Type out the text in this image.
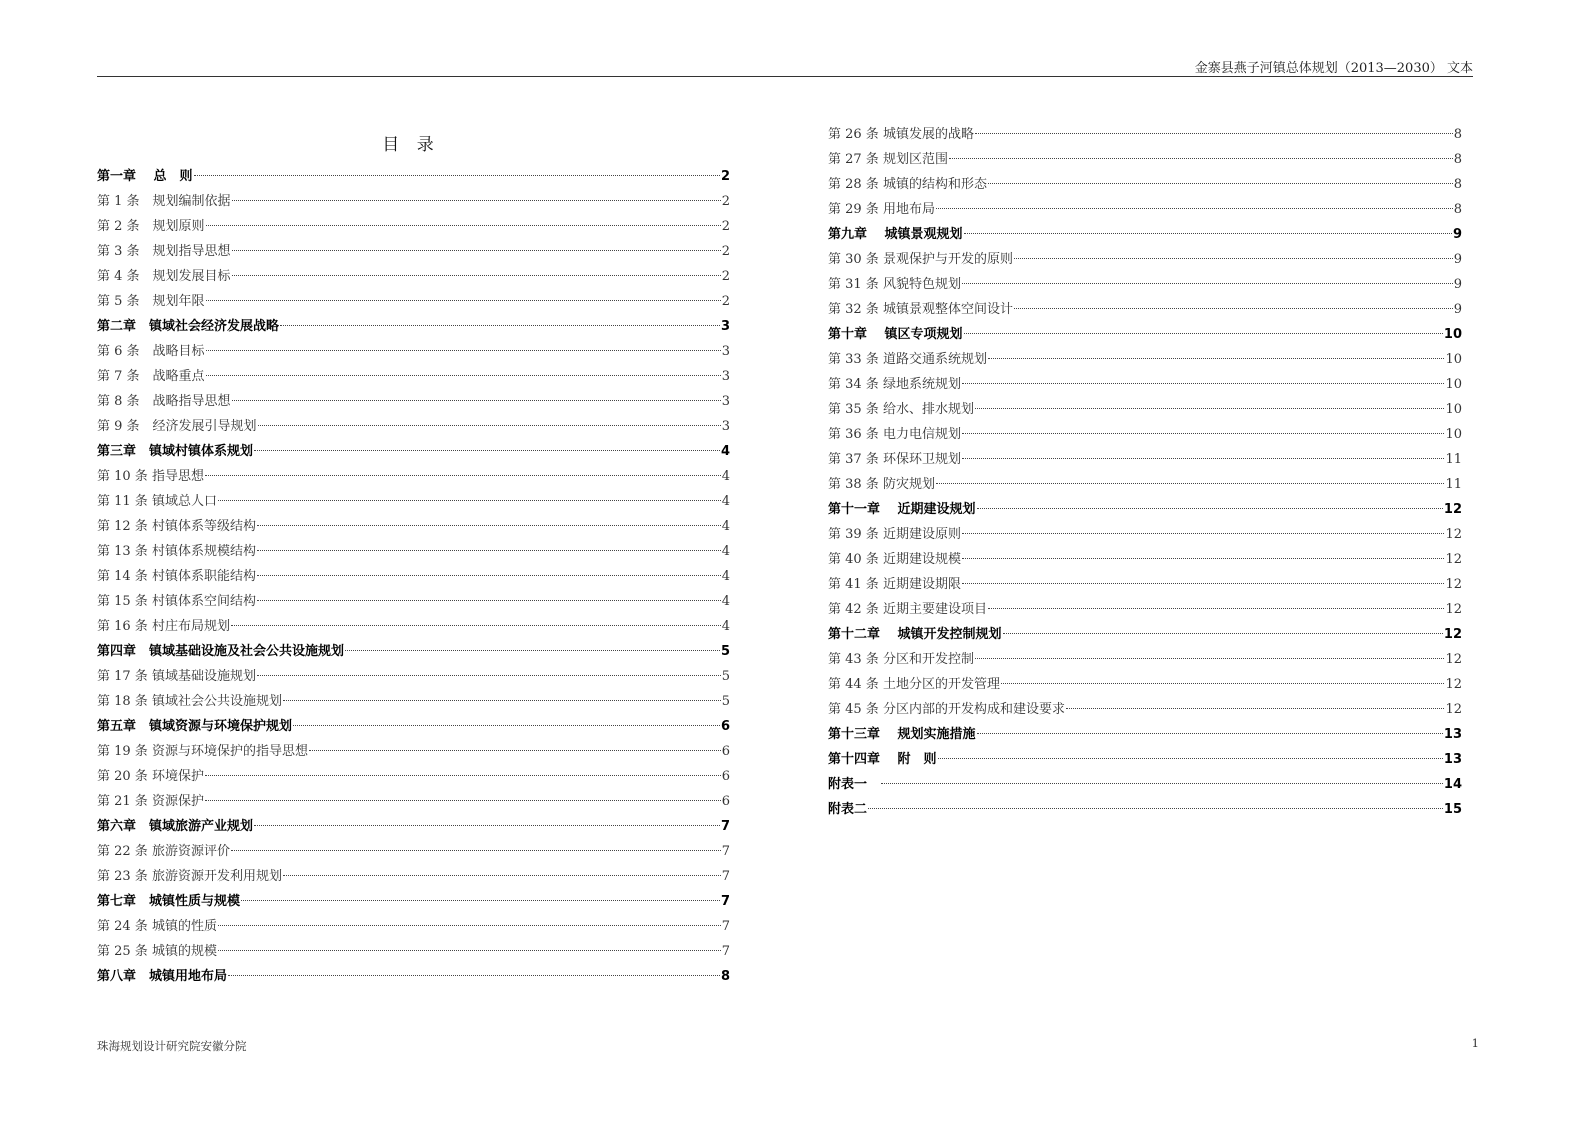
金寨县燕子河镇总体规划（2013—2030） 文本
目 录
第一章　 总　则	2
第 1 条　规划编制依据	2
第 2 条　规划原则	2
第 3 条　规划指导思想	2
第 4 条　规划发展目标	2
第 5 条　规划年限	2
第二章　镇域社会经济发展战略	3
第 6 条　战略目标	3
第 7 条　战略重点	3
第 8 条　战略指导思想	3
第 9 条　经济发展引导规划	3
第三章　镇域村镇体系规划	4
第 10 条 指导思想	4
第 11 条 镇域总人口	4
第 12 条 村镇体系等级结构	4
第 13 条 村镇体系规模结构	4
第 14 条 村镇体系职能结构	4
第 15 条 村镇体系空间结构	4
第 16 条 村庄布局规划	4
第四章　镇域基础设施及社会公共设施规划	5
第 17 条 镇域基础设施规划	5
第 18 条 镇域社会公共设施规划	5
第五章　镇域资源与环境保护规划	6
第 19 条 资源与环境保护的指导思想	6
第 20 条 环境保护	6
第 21 条 资源保护	6
第六章　镇域旅游产业规划	7
第 22 条 旅游资源评价	7
第 23 条 旅游资源开发利用规划	7
第七章　城镇性质与规模	7
第 24 条 城镇的性质	7
第 25 条 城镇的规模	7
第八章　城镇用地布局	8
第 26 条 城镇发展的战略	8
第 27 条 规划区范围	8
第 28 条 城镇的结构和形态	8
第 29 条 用地布局	8
第九章　 城镇景观规划	9
第 30 条 景观保护与开发的原则	9
第 31 条 风貌特色规划	9
第 32 条 城镇景观整体空间设计	9
第十章　 镇区专项规划	10
第 33 条 道路交通系统规划	10
第 34 条 绿地系统规划	10
第 35 条 给水、排水规划	10
第 36 条 电力电信规划	10
第 37 条 环保环卫规划	11
第 38 条 防灾规划	11
第十一章　 近期建设规划	12
第 39 条 近期建设原则	12
第 40 条 近期建设规模	12
第 41 条 近期建设期限	12
第 42 条 近期主要建设项目	12
第十二章　 城镇开发控制规划	12
第 43 条 分区和开发控制	12
第 44 条 土地分区的开发管理	12
第 45 条 分区内部的开发构成和建设要求	12
第十三章　 规划实施措施	13
第十四章　 附　则	13
附表一　	14
附表二	15
珠海规划设计研究院安徽分院	1
